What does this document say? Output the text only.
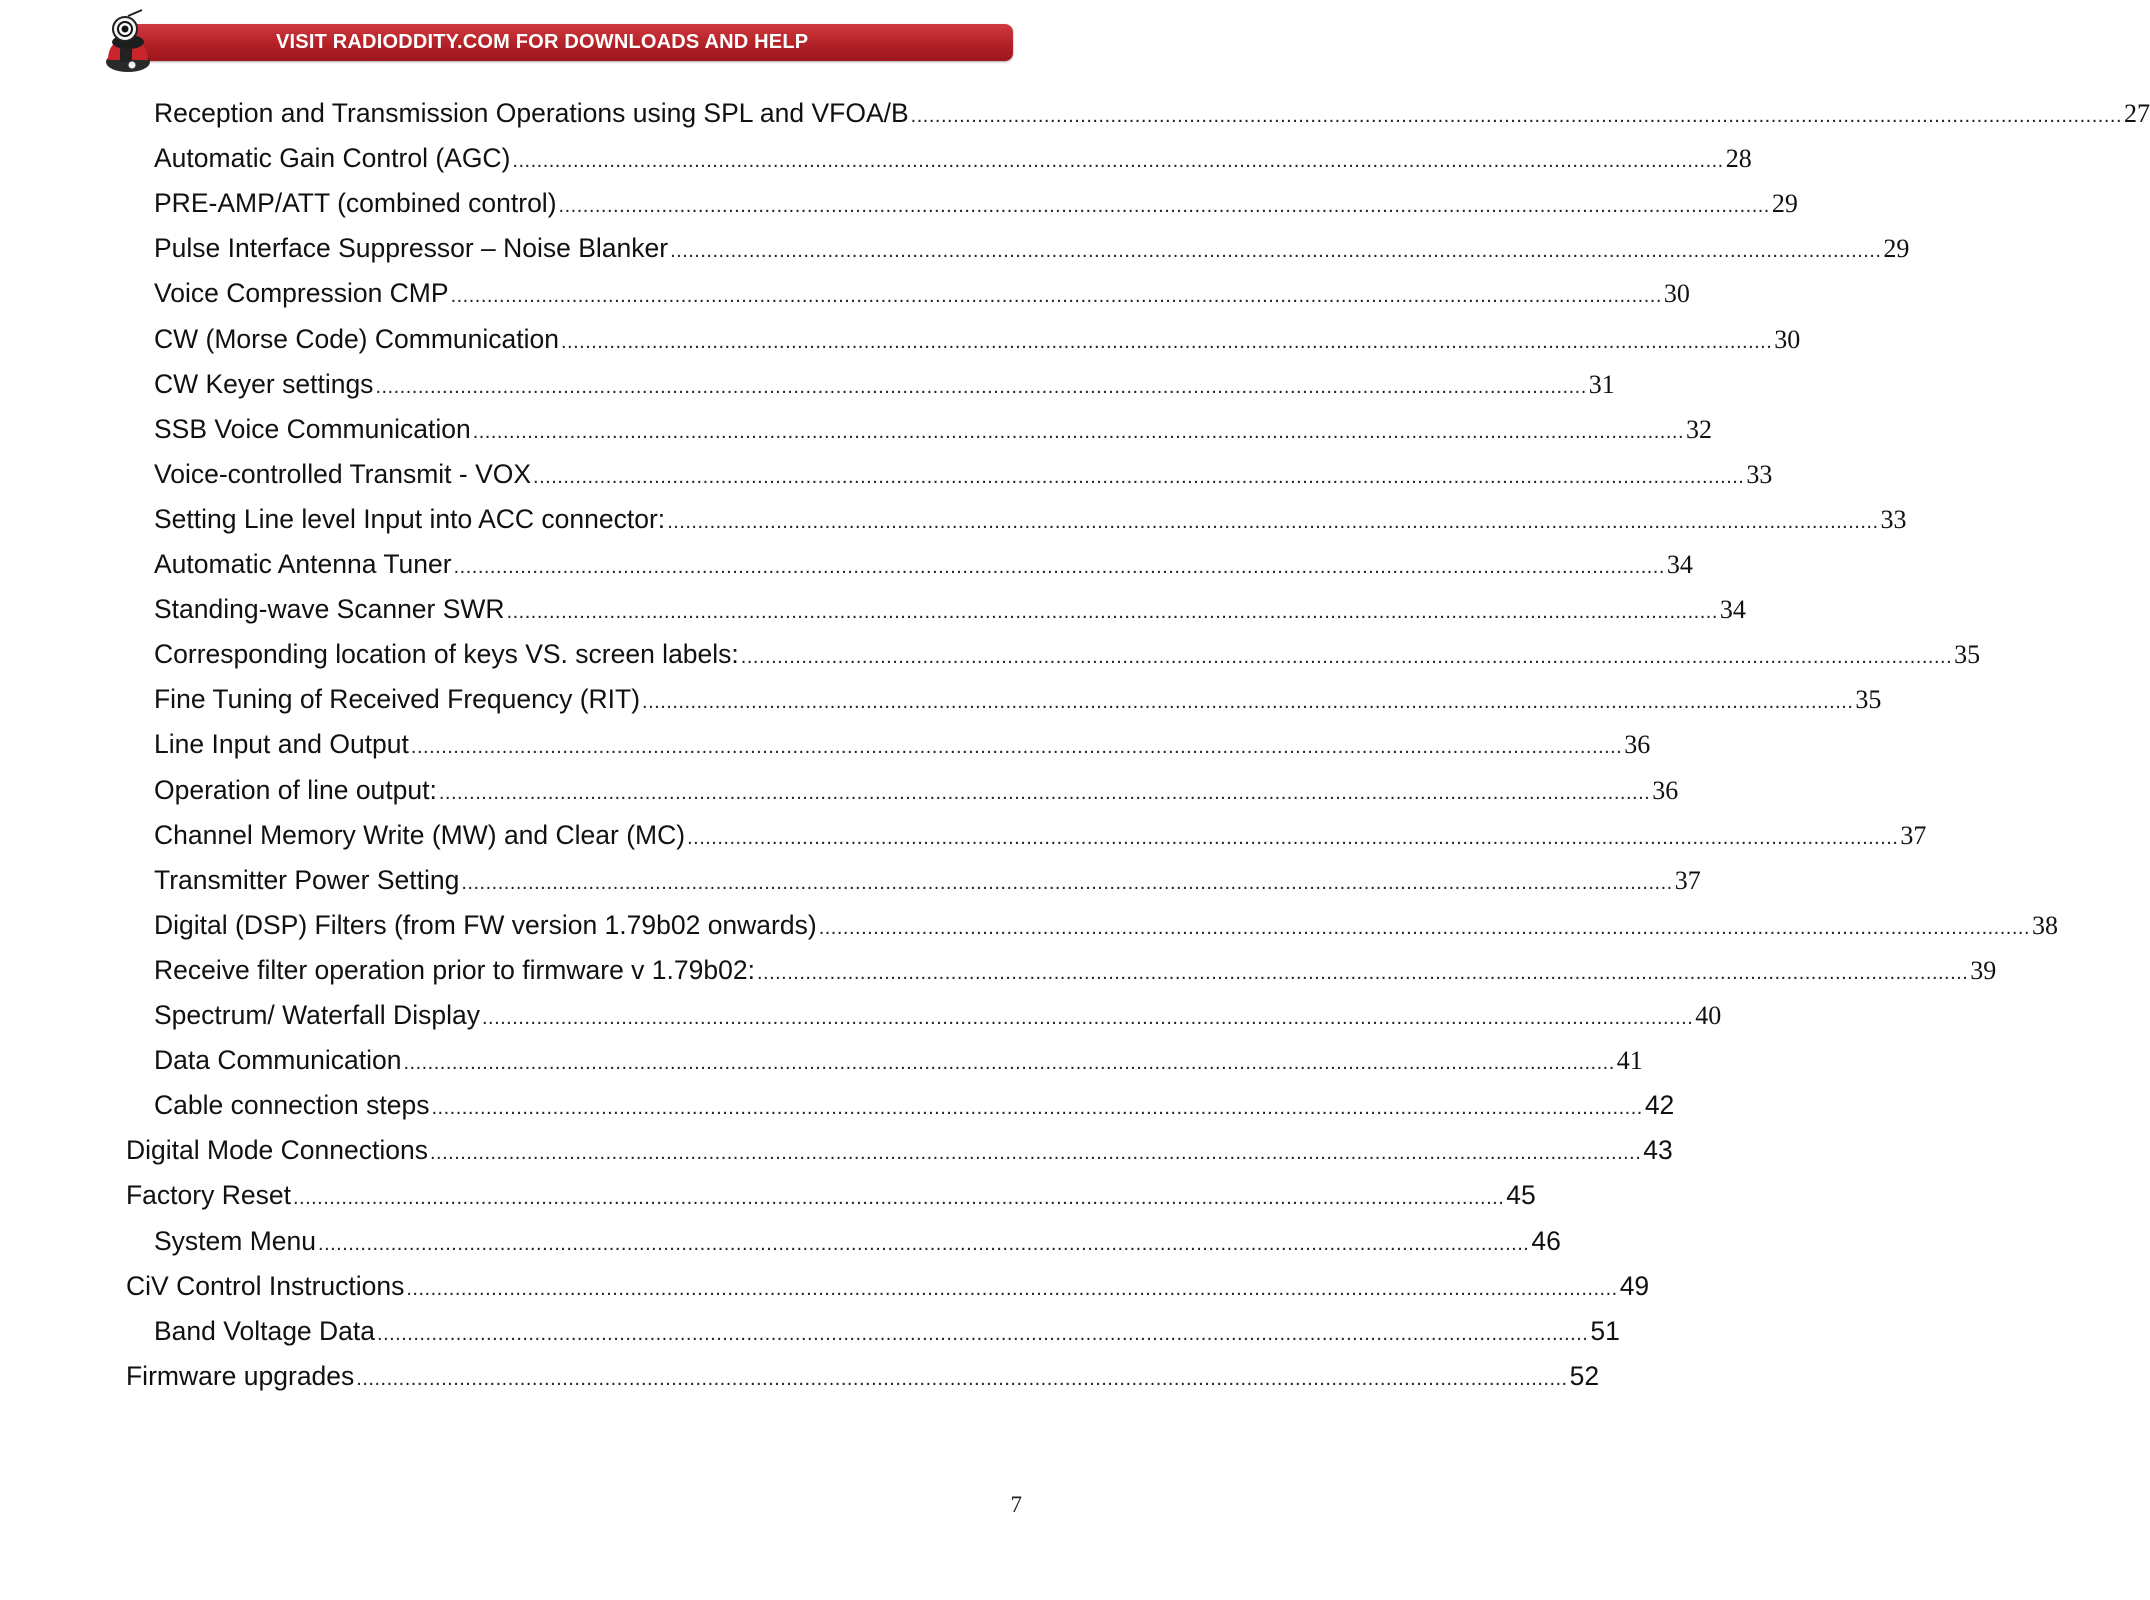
VISIT RADIODDITY.COM FOR DOWNLOADS AND HELP
Reception and Transmission Operations using SPL and VFOA/B ........................................................................................................................................................................................................ 27
Automatic Gain Control (AGC) ........................................................................................................................................................................................................ 28
PRE-AMP/ATT (combined control) ........................................................................................................................................................................................................ 29
Pulse Interface Suppressor – Noise Blanker ........................................................................................................................................................................................................ 29
Voice Compression CMP ........................................................................................................................................................................................................ 30
CW (Morse Code) Communication ........................................................................................................................................................................................................ 30
CW Keyer settings ........................................................................................................................................................................................................ 31
SSB Voice Communication ........................................................................................................................................................................................................ 32
Voice-controlled Transmit - VOX ........................................................................................................................................................................................................ 33
Setting Line level Input into ACC connector: ........................................................................................................................................................................................................ 33
Automatic Antenna Tuner ........................................................................................................................................................................................................ 34
Standing-wave Scanner SWR ........................................................................................................................................................................................................ 34
Corresponding location of keys VS. screen labels: ........................................................................................................................................................................................................ 35
Fine Tuning of Received Frequency (RIT) ........................................................................................................................................................................................................ 35
Line Input and Output ........................................................................................................................................................................................................ 36
Operation of line output: ........................................................................................................................................................................................................ 36
Channel Memory Write (MW) and Clear (MC) ........................................................................................................................................................................................................ 37
Transmitter Power Setting ........................................................................................................................................................................................................ 37
Digital (DSP) Filters (from FW version 1.79b02 onwards) ........................................................................................................................................................................................................ 38
Receive filter operation prior to firmware v 1.79b02: ........................................................................................................................................................................................................ 39
Spectrum/ Waterfall Display ........................................................................................................................................................................................................ 40
Data Communication ........................................................................................................................................................................................................ 41
Cable connection steps ........................................................................................................................................................................................................ 42
Digital Mode Connections ........................................................................................................................................................................................................ 43
Factory Reset ........................................................................................................................................................................................................ 45
System Menu ........................................................................................................................................................................................................ 46
CiV Control Instructions ........................................................................................................................................................................................................ 49
Band Voltage Data ........................................................................................................................................................................................................ 51
Firmware upgrades ........................................................................................................................................................................................................ 52
7
